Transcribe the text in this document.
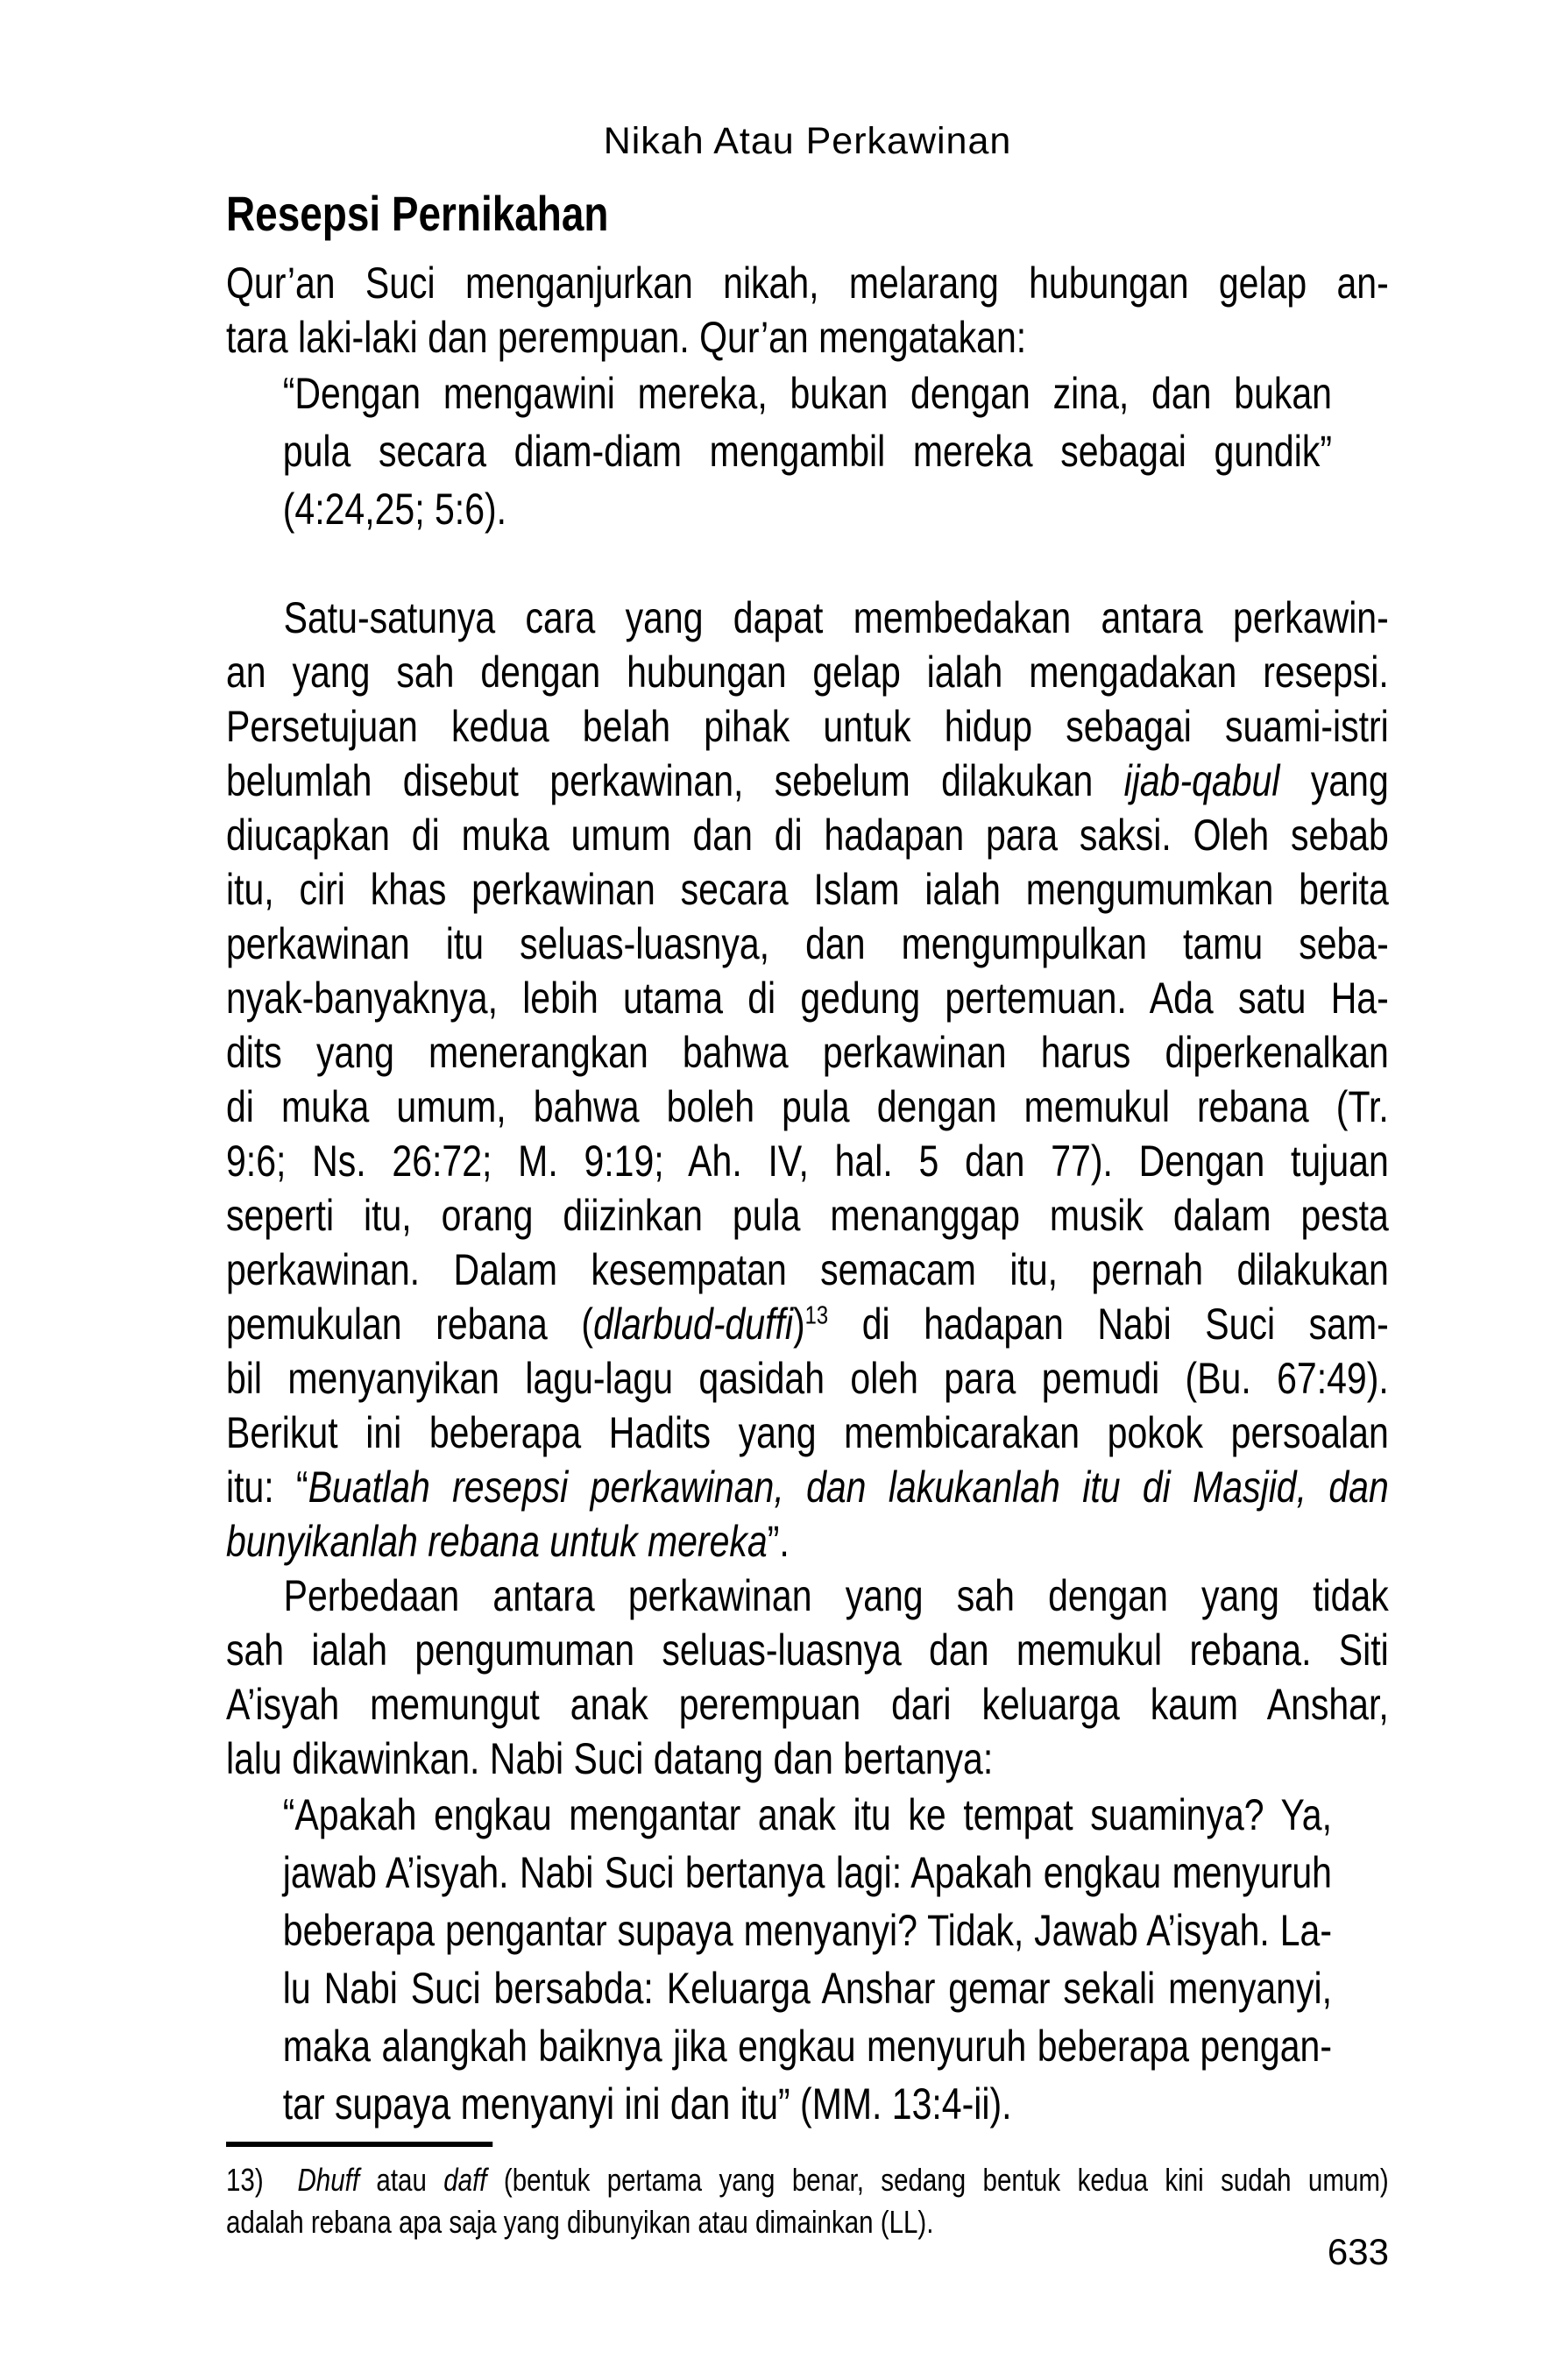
Nikah Atau Perkawinan
Resepsi Pernikahan
Qur’an Suci menganjurkan nikah, melarang hubungan gelap an-
tara laki-laki dan perempuan. Qur’an mengatakan:
“Dengan mengawini mereka, bukan dengan zina, dan bukan
pula secara diam-diam mengambil mereka sebagai gundik”
(4:24,25; 5:6).
Satu-satunya cara yang dapat membedakan antara perkawin-
an yang sah dengan hubungan gelap ialah mengadakan resepsi.
Persetujuan kedua belah pihak untuk hidup sebagai suami-istri
belumlah disebut perkawinan, sebelum dilakukan ijab-qabul yang
diucapkan di muka umum dan di hadapan para saksi. Oleh sebab
itu, ciri khas perkawinan secara Islam ialah mengumumkan berita
perkawinan itu seluas-luasnya, dan mengumpulkan tamu seba-
nyak-banyaknya, lebih utama di gedung pertemuan. Ada satu Ha-
dits yang menerangkan bahwa perkawinan harus diperkenalkan
di muka umum, bahwa boleh pula dengan memukul rebana (Tr.
9:6; Ns. 26:72; M. 9:19; Ah. IV, hal. 5 dan 77). Dengan tujuan
seperti itu, orang diizinkan pula menanggap musik dalam pesta
perkawinan. Dalam kesempatan semacam itu, pernah dilakukan
pemukulan rebana (dlarbud-duffi)$^{13}$ di hadapan Nabi Suci sam-
bil menyanyikan lagu-lagu qasidah oleh para pemudi (Bu. 67:49).
Berikut ini beberapa Hadits yang membicarakan pokok persoalan
itu: “Buatlah resepsi perkawinan, dan lakukanlah itu di Masjid, dan
bunyikanlah rebana untuk mereka”.
Perbedaan antara perkawinan yang sah dengan yang tidak
sah ialah pengumuman seluas-luasnya dan memukul rebana. Siti
A’isyah memungut anak perempuan dari keluarga kaum Anshar,
lalu dikawinkan. Nabi Suci datang dan bertanya:
“Apakah engkau mengantar anak itu ke tempat suaminya? Ya,
jawab A’isyah. Nabi Suci bertanya lagi: Apakah engkau menyuruh
beberapa pengantar supaya menyanyi? Tidak, Jawab A’isyah. La-
lu Nabi Suci bersabda: Keluarga Anshar gemar sekali menyanyi,
maka alangkah baiknya jika engkau menyuruh beberapa pengan-
tar supaya menyanyi ini dan itu” (MM. 13:4-ii).
13)  Dhuff atau daff (bentuk pertama yang benar, sedang bentuk kedua kini sudah umum)
adalah rebana apa saja yang dibunyikan atau dimainkan (LL).
633
